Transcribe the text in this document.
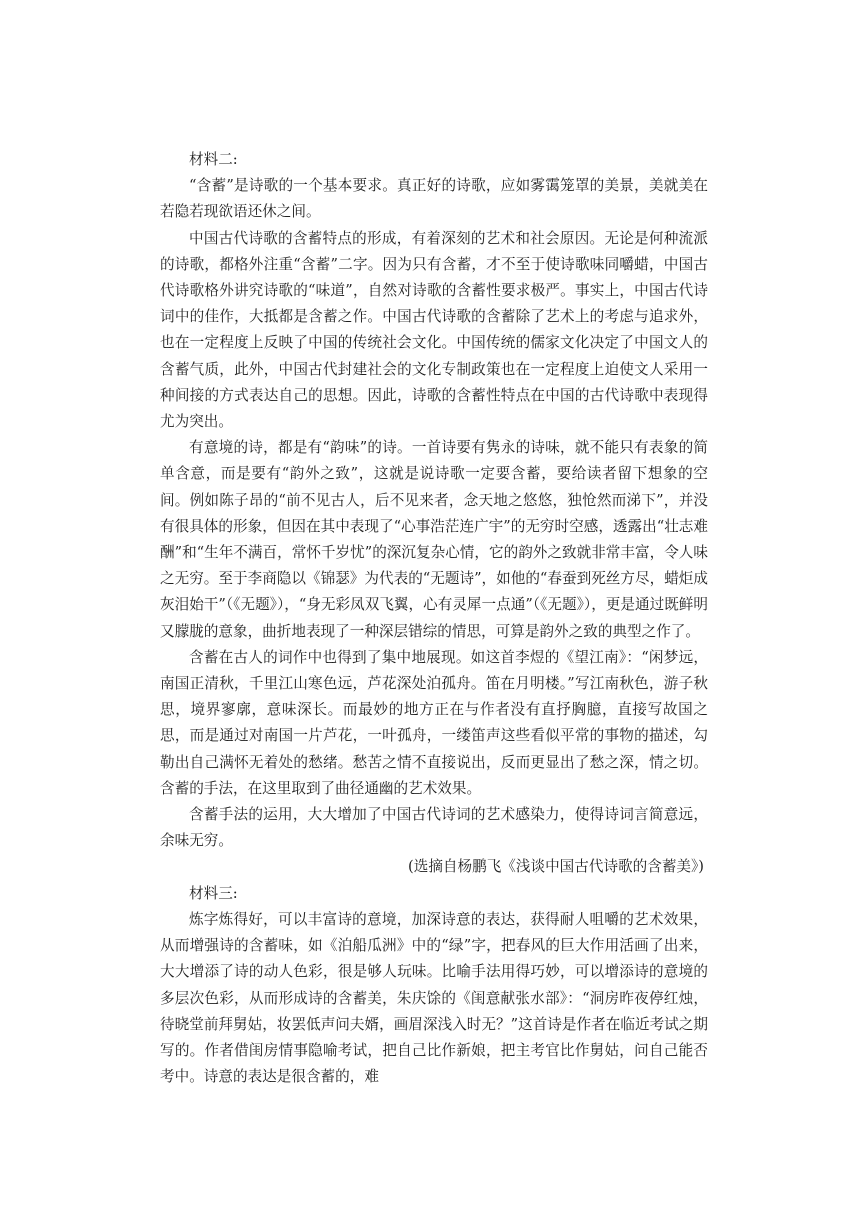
材料二:

“含蓄”是诗歌的一个基本要求。真正好的诗歌，应如雾霭笼罩的美景，美就美在若隐若现欲语还休之间。

中国古代诗歌的含蓄特点的形成，有着深刻的艺术和社会原因。无论是何种流派的诗歌，都格外注重“含蓄”二字。因为只有含蓄，才不至于使诗歌味同嚼蜡，中国古代诗歌格外讲究诗歌的“味道”，自然对诗歌的含蓄性要求极严。事实上，中国古代诗词中的佳作，大抵都是含蓄之作。中国古代诗歌的含蓄除了艺术上的考虑与追求外，也在一定程度上反映了中国的传统社会文化。中国传统的儒家文化决定了中国文人的含蓄气质，此外，中国古代封建社会的文化专制政策也在一定程度上迫使文人采用一种间接的方式表达自己的思想。因此，诗歌的含蓄性特点在中国的古代诗歌中表现得尤为突出。

有意境的诗，都是有“韵味”的诗。一首诗要有隽永的诗味，就不能只有表象的简单含意，而是要有“韵外之致”，这就是说诗歌一定要含蓄，要给读者留下想象的空间。例如陈子昂的“前不见古人，后不见来者，念天地之悠悠，独怆然而涕下”，并没有很具体的形象，但因在其中表现了“心事浩茫连广宇”的无穷时空感，透露出“壮志难酬”和“生年不满百，常怀千岁忧”的深沉复杂心情，它的韵外之致就非常丰富，令人味之无穷。至于李商隐以《锦瑟》为代表的“无题诗”，如他的“春蚕到死丝方尽，蜡炬成灰泪始干”（《无题》），“身无彩凤双飞翼，心有灵犀一点通”（《无题》），更是通过既鲜明又朦胧的意象，曲折地表现了一种深层错综的情思，可算是韵外之致的典型之作了。

含蓄在古人的词作中也得到了集中地展现。如这首李煜的《望江南》：“闲梦远，南国正清秋，千里江山寒色远，芦花深处泊孤舟。笛在月明楼。”写江南秋色，游子秋思，境界寥廓，意味深长。而最妙的地方正在与作者没有直抒胸臆，直接写故国之思，而是通过对南国一片芦花，一叶孤舟，一缕笛声这些看似平常的事物的描述，勾勒出自己满怀无着处的愁绪。愁苦之情不直接说出，反而更显出了愁之深，情之切。含蓄的手法，在这里取到了曲径通幽的艺术效果。

含蓄手法的运用，大大增加了中国古代诗词的艺术感染力，使得诗词言简意远，余味无穷。

(选摘自杨鹏飞《浅谈中国古代诗歌的含蓄美》)

材料三:

炼字炼得好，可以丰富诗的意境，加深诗意的表达，获得耐人咀嚼的艺术效果，从而增强诗的含蓄味，如《泊船瓜洲》中的“绿”字，把春风的巨大作用活画了出来，大大增添了诗的动人色彩，很是够人玩味。比喻手法用得巧妙，可以增添诗的意境的多层次色彩，从而形成诗的含蓄美，朱庆馀的《闺意献张水部》：“洞房昨夜停红烛，待晓堂前拜舅姑，妆罢低声问夫婿，画眉深浅入时无？”这首诗是作者在临近考试之期写的。作者借闺房情事隐喻考试，把自己比作新娘，把主考官比作舅姑，问自己能否考中。诗意的表达是很含蓄的，难
